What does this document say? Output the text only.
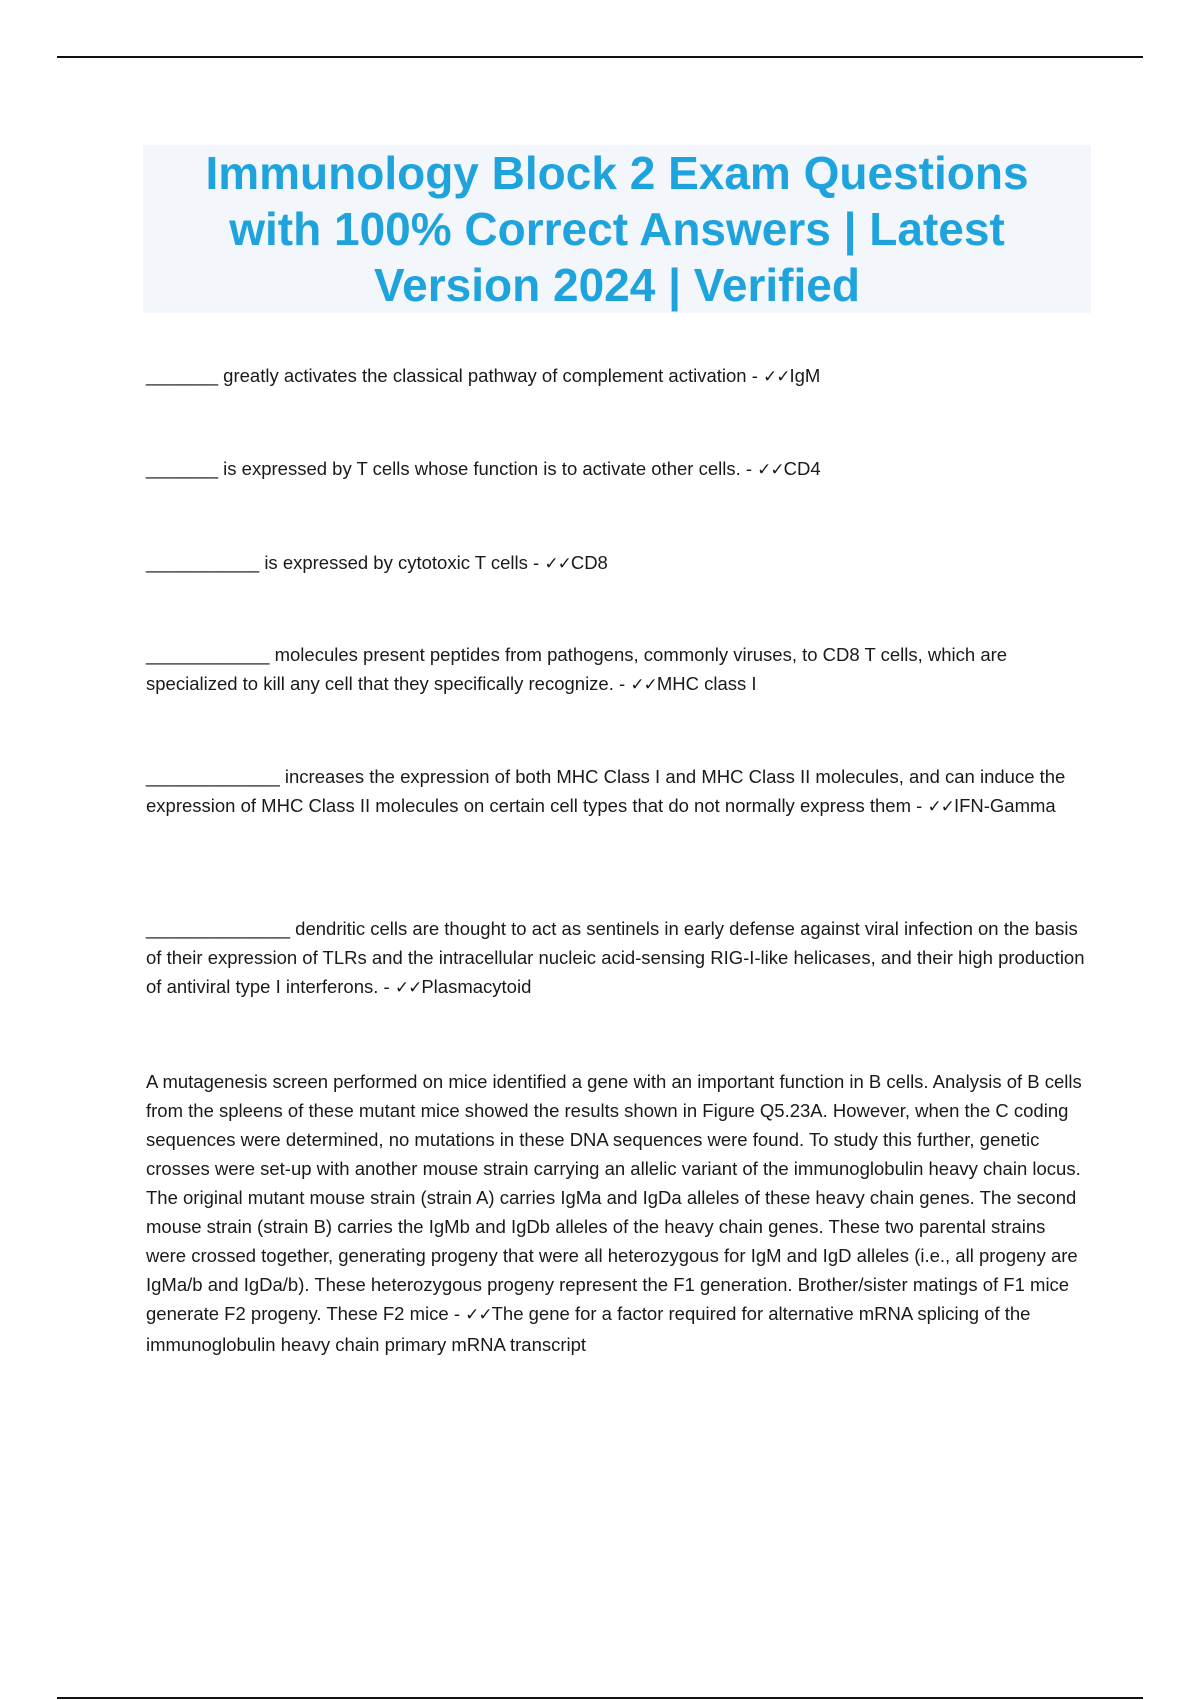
Immunology Block 2 Exam Questions with 100% Correct Answers | Latest Version 2024 | Verified

_______ greatly activates the classical pathway of complement activation - ✓✓IgM

_______ is expressed by T cells whose function is to activate other cells. - ✓✓CD4

___________ is expressed by cytotoxic T cells - ✓✓CD8

____________ molecules present peptides from pathogens, commonly viruses, to CD8 T cells, which are specialized to kill any cell that they specifically recognize. - ✓✓MHC class I

_____________ increases the expression of both MHC Class I and MHC Class II molecules, and can induce the expression of MHC Class II molecules on certain cell types that do not normally express them - ✓✓IFN-Gamma

______________ dendritic cells are thought to act as sentinels in early defense against viral infection on the basis of their expression of TLRs and the intracellular nucleic acid-sensing RIG-I-like helicases, and their high production of antiviral type I interferons. - ✓✓Plasmacytoid

A mutagenesis screen performed on mice identified a gene with an important function in B cells. Analysis of B cells from the spleens of these mutant mice showed the results shown in Figure Q5.23A. However, when the C coding sequences were determined, no mutations in these DNA sequences were found. To study this further, genetic crosses were set-up with another mouse strain carrying an allelic variant of the immunoglobulin heavy chain locus. The original mutant mouse strain (strain A) carries IgMa and IgDa alleles of these heavy chain genes. The second mouse strain (strain B) carries the IgMb and IgDb alleles of the heavy chain genes. These two parental strains were crossed together, generating progeny that were all heterozygous for IgM and IgD alleles (i.e., all progeny are IgMa/b and IgDa/b). These heterozygous progeny represent the F1 generation. Brother/sister matings of F1 mice generate F2 progeny. These F2 mice - ✓✓The gene for a factor required for alternative mRNA splicing of the immunoglobulin heavy chain primary mRNA transcript
